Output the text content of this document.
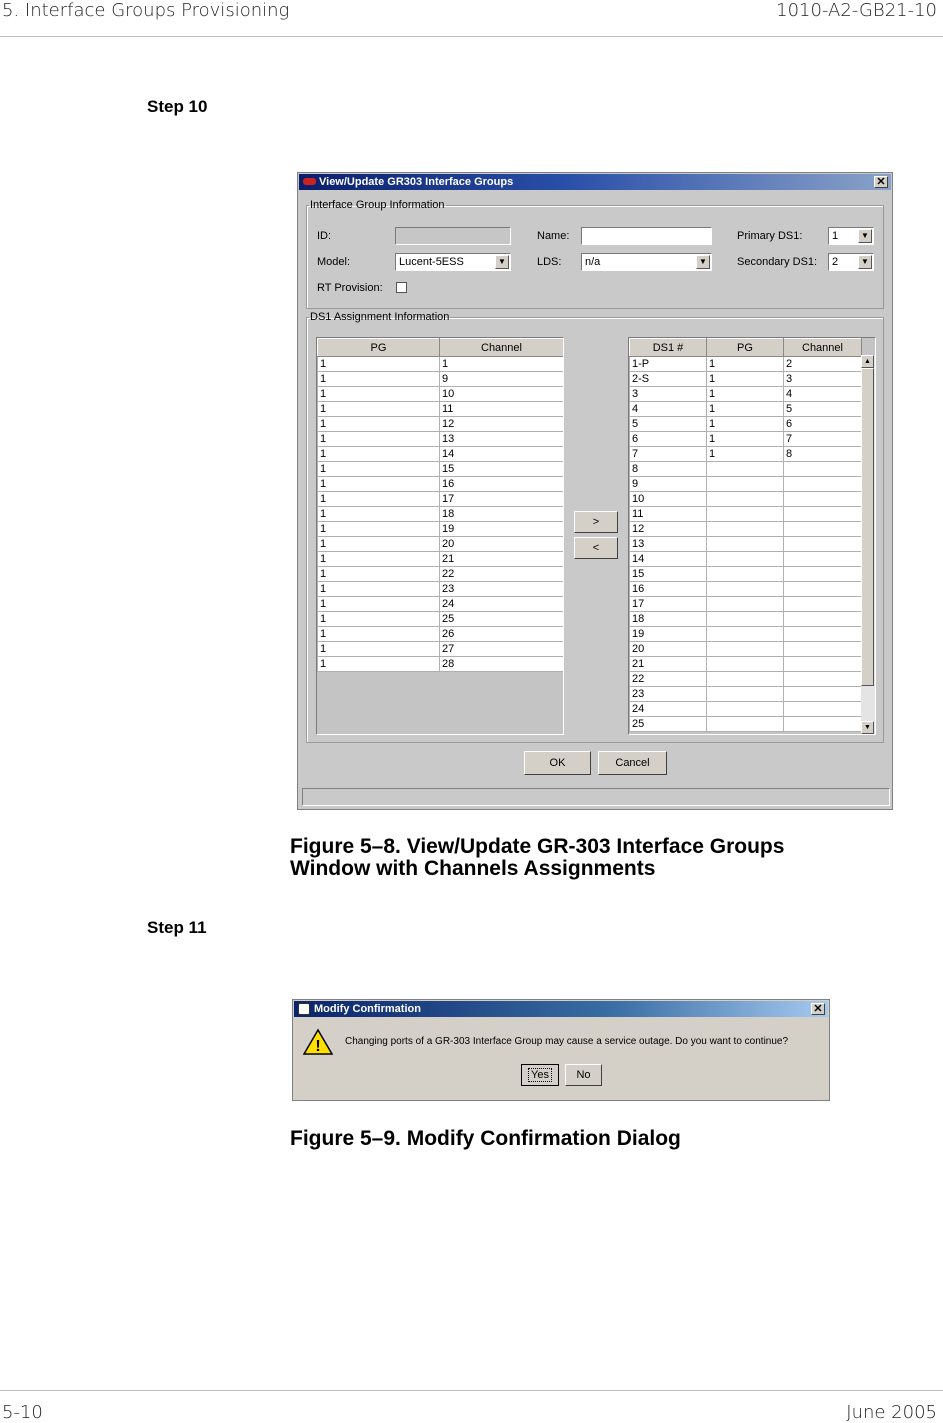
5. Interface Groups Provisioning	1010-A2-GB21-10
Step 10
View/Update GR303 Interface Groups	✕
Interface Group Information
ID:	Name:	Primary DS1:	1	▼
Model:	Lucent-5ESS	▼	LDS:	n/a	▼	Secondary DS1:	2	▼
RT Provision:
DS1 Assignment Information
PG	Channel
1	1
1	9
1	10
1	11
1	12
1	13
1	14
1	15
1	16
1	17
1	18
1	19
1	20
1	21
1	22
1	23
1	24
1	25
1	26
1	27
1	28
>
<
DS1 #	PG	Channel
1-P	1	2
2-S	1	3
3	1	4
4	1	5
5	1	6
6	1	7
7	1	8
8		
9		
10		
11		
12		
13		
14		
15		
16		
17		
18		
19		
20		
21		
22		
23		
24		
25		
▲
▼
OK	Cancel
Figure 5–8. View/Update GR-303 Interface Groups
Window with Channels Assignments
Step 11
Modify Confirmation	✕
! Changing ports of a GR-303 Interface Group may cause a service outage. Do you want to continue?
Yes	No
Figure 5–9. Modify Confirmation Dialog
5-10	June 2005
